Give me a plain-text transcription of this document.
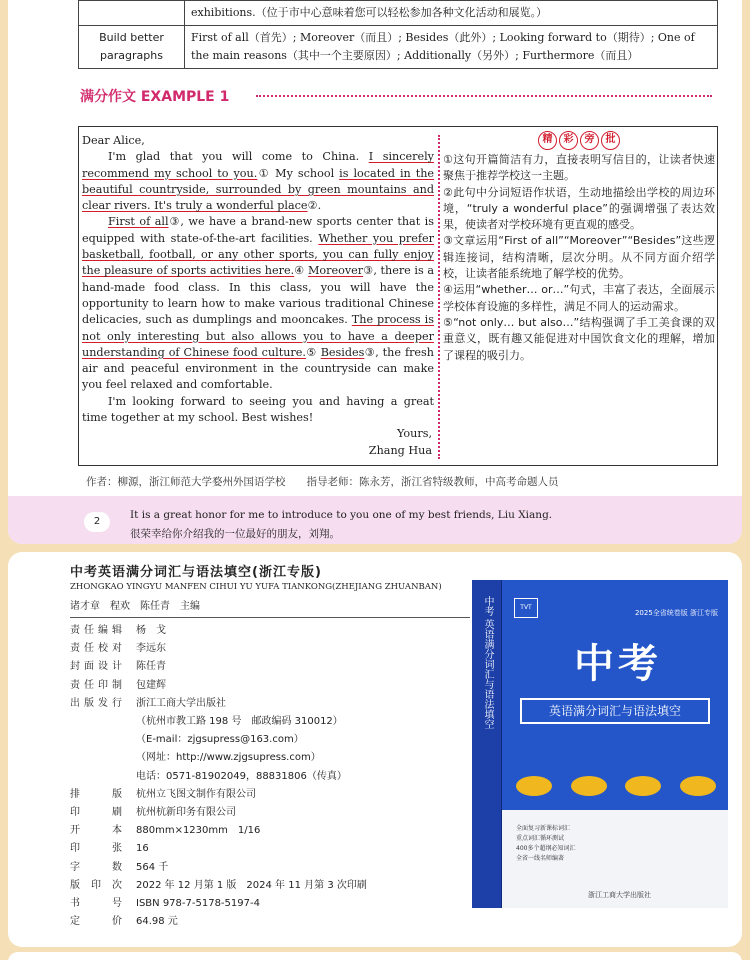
	exhibitions.（位于市中心意味着您可以轻松参加各种文化活动和展览。）
Build better paragraphs	First of all（首先）; Moreover（而且）; Besides（此外）; Looking forward to（期待）; One of the main reasons（其中一个主要原因）; Additionally（另外）; Furthermore（而且）
满分作文 EXAMPLE 1

Dear Alice,

I'm glad that you will come to China. I sincerely recommend my school to you.① My school is located in the beautiful countryside, surrounded by green mountains and clear rivers. It's truly a wonderful place②.

First of all③, we have a brand-new sports center that is equipped with state-of-the-art facilities. Whether you prefer basketball, football, or any other sports, you can fully enjoy the pleasure of sports activities here.④ Moreover③, there is a hand-made food class. In this class, you will have the opportunity to learn how to make various traditional Chinese delicacies, such as dumplings and mooncakes. The process is not only interesting but also allows you to have a deeper understanding of Chinese food culture.⑤ Besides③, the fresh air and peaceful environment in the countryside can make you feel relaxed and comfortable.

I'm looking forward to seeing you and having a great time together at my school. Best wishes!

Yours,

Zhang Hua

精 彩 旁 批

①这句开篇简洁有力，直接表明写信目的，让读者快速聚焦于推荐学校这一主题。

②此句中分词短语作状语，生动地描绘出学校的周边环境，“truly a wonderful place”的强调增强了表达效果，使读者对学校环境有更直观的感受。

③文章运用“First of all”“Moreover”“Besides”这些逻辑连接词，结构清晰，层次分明。从不同方面介绍学校，让读者能系统地了解学校的优势。

④运用“whether… or…”句式，丰富了表达，全面展示学校体育设施的多样性，满足不同人的运动需求。

⑤“not only… but also…”结构强调了手工美食课的双重意义，既有趣又能促进对中国饮食文化的理解，增加了课程的吸引力。

作者：柳源，浙江师范大学婺州外国语学校　　指导老师：陈永芳，浙江省特级教师，中高考命题人员
2
It is a great honor for me to introduce to you one of my best friends, Liu Xiang.
很荣幸给你介绍我的一位最好的朋友，刘翔。
中考英语满分词汇与语法填空(浙江专版)
ZHONGKAO YINGYU MANFEN CIHUI YU YUFA TIANKONG(ZHEJIANG ZHUANBAN)
诸才章　程欢　陈任青　主编
责任编辑	杨　戈
责任校对	李远东
封面设计	陈任青
责任印制	包建辉
出版发行	浙江工商大学出版社
（杭州市教工路 198 号　邮政编码 310012）
（E-mail：zjgsupress@163.com）
（网址：http://www.zjgsupress.com）
电话：0571-81902049，88831806（传真）
排版	杭州立飞图文制作有限公司
印刷	杭州杭新印务有限公司
开本	880mm×1230mm　1/16
印张	16
字数	564 千
版印次	2022 年 12 月第 1 版　2024 年 11 月第 3 次印刷
书号	ISBN 978-7-5178-5197-4
定价	64.98 元
中考 英语满分词汇与语法填空	TVT
2025全省统卷版 浙江专版
中考
英语满分词汇与语法填空
全面复习新课标词汇
重点词汇循环测试
400多个超纲必知词汇
全省一线名师编著
浙江工商大学出版社
